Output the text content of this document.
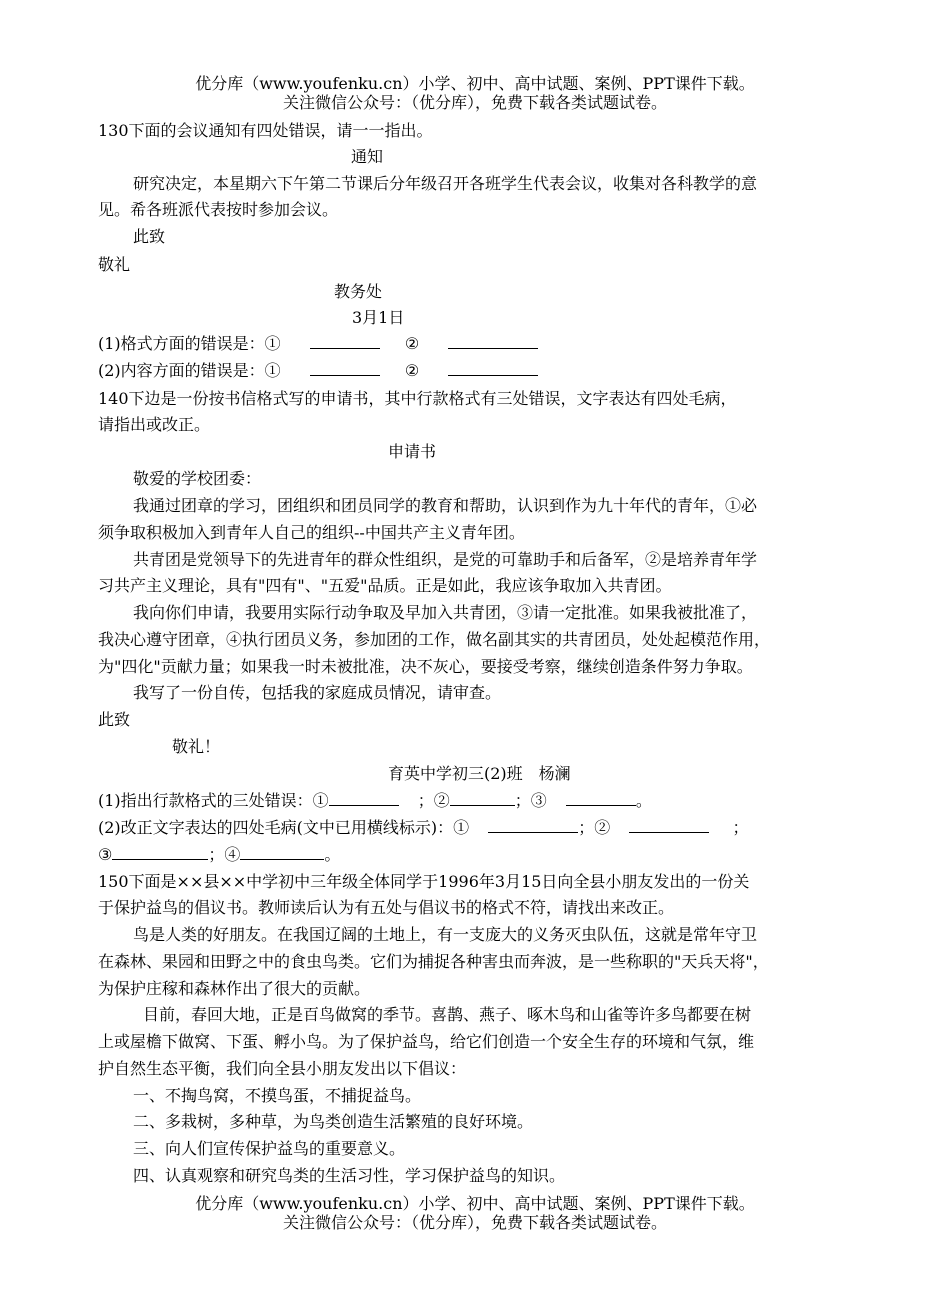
优分库（www.youfenku.cn）小学、初中、高中试题、案例、PPT课件下载。
关注微信公众号：（优分库），免费下载各类试题试卷。
130下面的会议通知有四处错误，请一一指出。
通知
研究决定，本星期六下午第二节课后分年级召开各班学生代表会议，收集对各科教学的意
见。希各班派代表按时参加会议。
此致
敬礼
教务处
3月1日
(1)格式方面的错误是：①	②
(2)内容方面的错误是：①	②
140下边是一份按书信格式写的申请书，其中行款格式有三处错误，文字表达有四处毛病，
请指出或改正。
申请书
敬爱的学校团委：
我通过团章的学习，团组织和团员同学的教育和帮助，认识到作为九十年代的青年，①必
须争取积极加入到青年人自己的组织--中国共产主义青年团。
共青团是党领导下的先进青年的群众性组织，是党的可靠助手和后备军，②是培养青年学
习共产主义理论，具有"四有"、"五爱"品质。正是如此，我应该争取加入共青团。
我向你们申请，我要用实际行动争取及早加入共青团，③请一定批准。如果我被批准了，
我决心遵守团章，④执行团员义务，参加团的工作，做名副其实的共青团员，处处起模范作用，
为"四化"贡献力量；如果我一时未被批准，决不灰心，要接受考察，继续创造条件努力争取。
我写了一份自传，包括我的家庭成员情况，请审查。
此致
敬礼！
育英中学初三(2)班　杨澜
(1)指出行款格式的三处错误：①	；②	；③	。
(2)改正文字表达的四处毛病(文中已用横线标示)：①	；②	；
③	；④	。
150下面是××县××中学初中三年级全体同学于1996年3月15日向全县小朋友发出的一份关
于保护益鸟的倡议书。教师读后认为有五处与倡议书的格式不符，请找出来改正。
鸟是人类的好朋友。在我国辽阔的土地上，有一支庞大的义务灭虫队伍，这就是常年守卫
在森林、果园和田野之中的食虫鸟类。它们为捕捉各种害虫而奔波，是一些称职的"天兵天将"，
为保护庄稼和森林作出了很大的贡献。
目前，春回大地，正是百鸟做窝的季节。喜鹊、燕子、啄木鸟和山雀等许多鸟都要在树
上或屋檐下做窝、下蛋、孵小鸟。为了保护益鸟，给它们创造一个安全生存的环境和气氛，维
护自然生态平衡，我们向全县小朋友发出以下倡议：
一、不掏鸟窝，不摸鸟蛋，不捕捉益鸟。
二、多栽树，多种草，为鸟类创造生活繁殖的良好环境。
三、向人们宣传保护益鸟的重要意义。
四、认真观察和研究鸟类的生活习性，学习保护益鸟的知识。
优分库（www.youfenku.cn）小学、初中、高中试题、案例、PPT课件下载。
关注微信公众号：（优分库），免费下载各类试题试卷。
